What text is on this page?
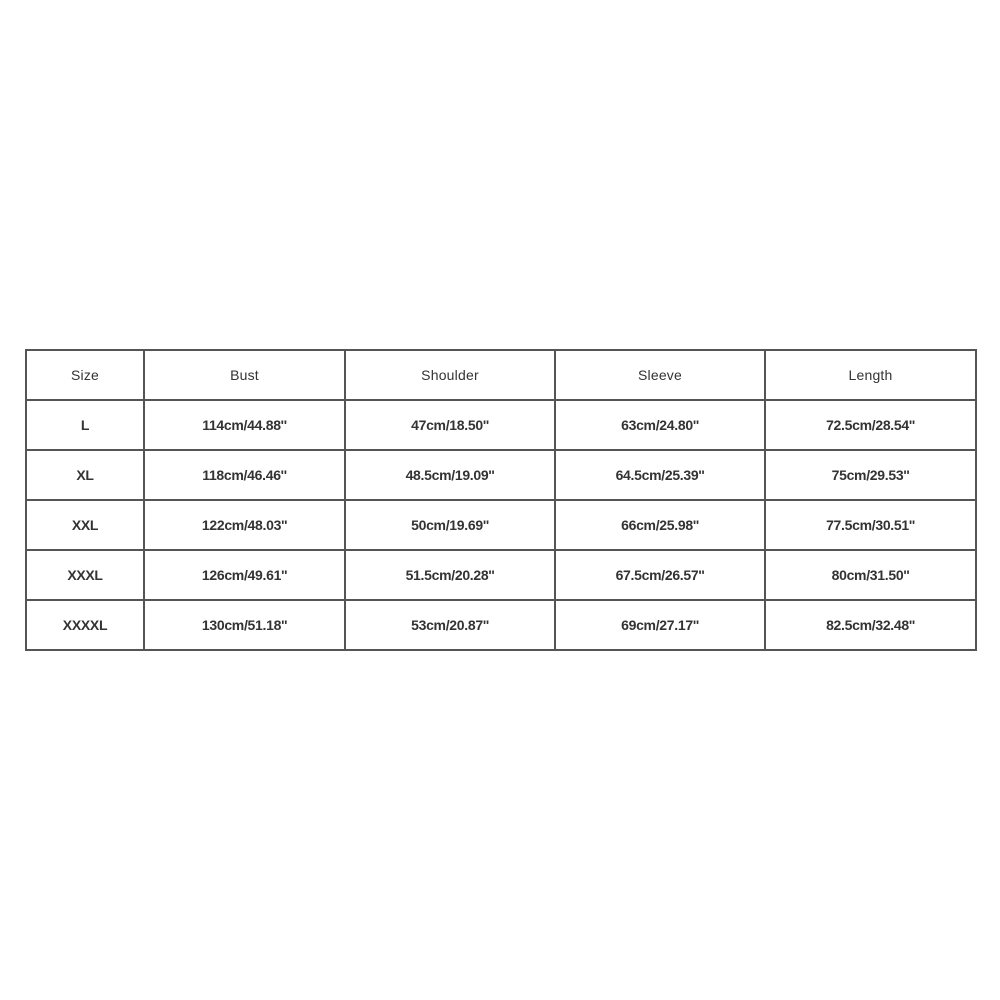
Size	Bust	Shoulder	Sleeve	Length
L	114cm/44.88''	47cm/18.50''	63cm/24.80''	72.5cm/28.54''
XL	118cm/46.46''	48.5cm/19.09''	64.5cm/25.39''	75cm/29.53''
XXL	122cm/48.03''	50cm/19.69''	66cm/25.98''	77.5cm/30.51''
XXXL	126cm/49.61''	51.5cm/20.28''	67.5cm/26.57''	80cm/31.50''
XXXXL	130cm/51.18''	53cm/20.87''	69cm/27.17''	82.5cm/32.48''
